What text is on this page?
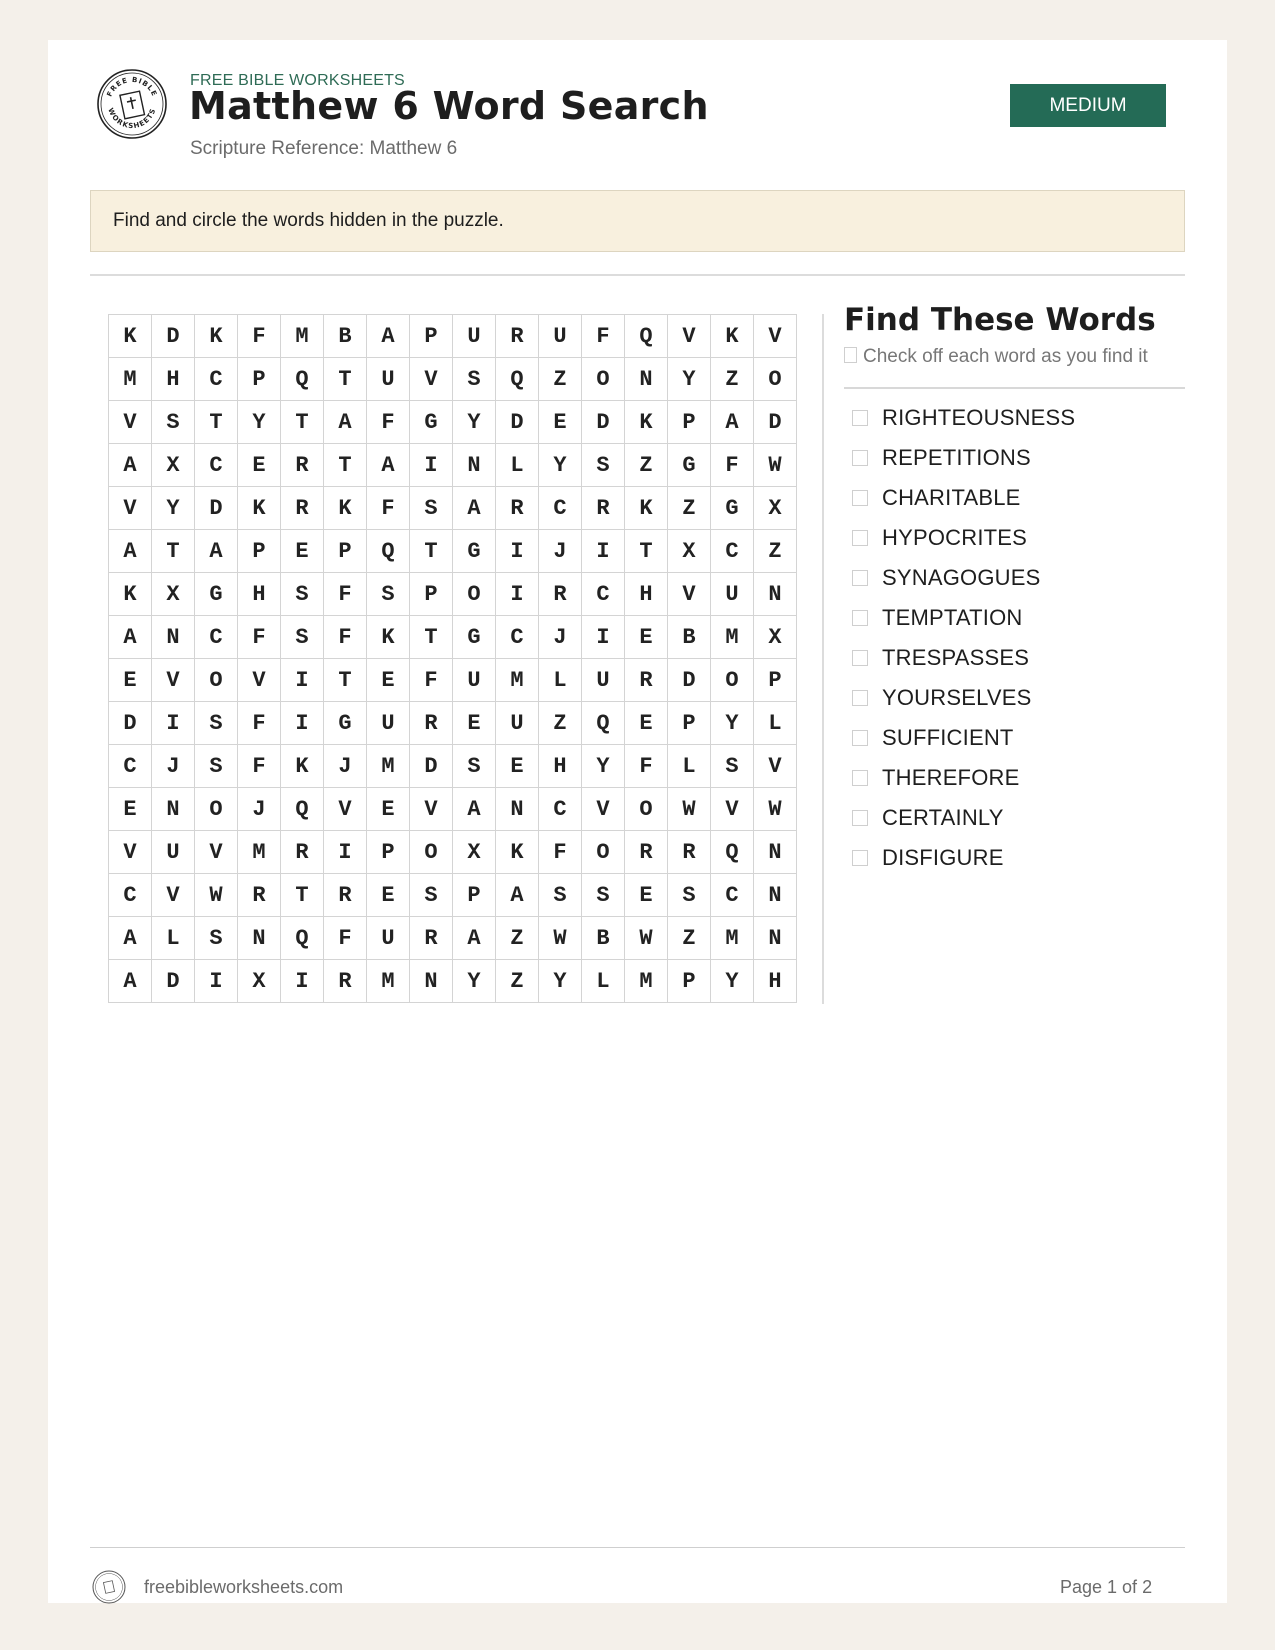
FREE BIBLE
WORKSHEETS
FREE BIBLE WORKSHEETS
Matthew 6 Word Search
Scripture Reference: Matthew 6
MEDIUM
Find and circle the words hidden in the puzzle.
K	D	K	F	M	B	A	P	U	R	U	F	Q	V	K	V
M	H	C	P	Q	T	U	V	S	Q	Z	O	N	Y	Z	O
V	S	T	Y	T	A	F	G	Y	D	E	D	K	P	A	D
A	X	C	E	R	T	A	I	N	L	Y	S	Z	G	F	W
V	Y	D	K	R	K	F	S	A	R	C	R	K	Z	G	X
A	T	A	P	E	P	Q	T	G	I	J	I	T	X	C	Z
K	X	G	H	S	F	S	P	O	I	R	C	H	V	U	N
A	N	C	F	S	F	K	T	G	C	J	I	E	B	M	X
E	V	O	V	I	T	E	F	U	M	L	U	R	D	O	P
D	I	S	F	I	G	U	R	E	U	Z	Q	E	P	Y	L
C	J	S	F	K	J	M	D	S	E	H	Y	F	L	S	V
E	N	O	J	Q	V	E	V	A	N	C	V	O	W	V	W
V	U	V	M	R	I	P	O	X	K	F	O	R	R	Q	N
C	V	W	R	T	R	E	S	P	A	S	S	E	S	C	N
A	L	S	N	Q	F	U	R	A	Z	W	B	W	Z	M	N
A	D	I	X	I	R	M	N	Y	Z	Y	L	M	P	Y	H
Find These Words
Check off each word as you find it
RIGHTEOUSNESS
REPETITIONS
CHARITABLE
HYPOCRITES
SYNAGOGUES
TEMPTATION
TRESPASSES
YOURSELVES
SUFFICIENT
THEREFORE
CERTAINLY
DISFIGURE
freebibleworksheets.com	Page 1 of 2
